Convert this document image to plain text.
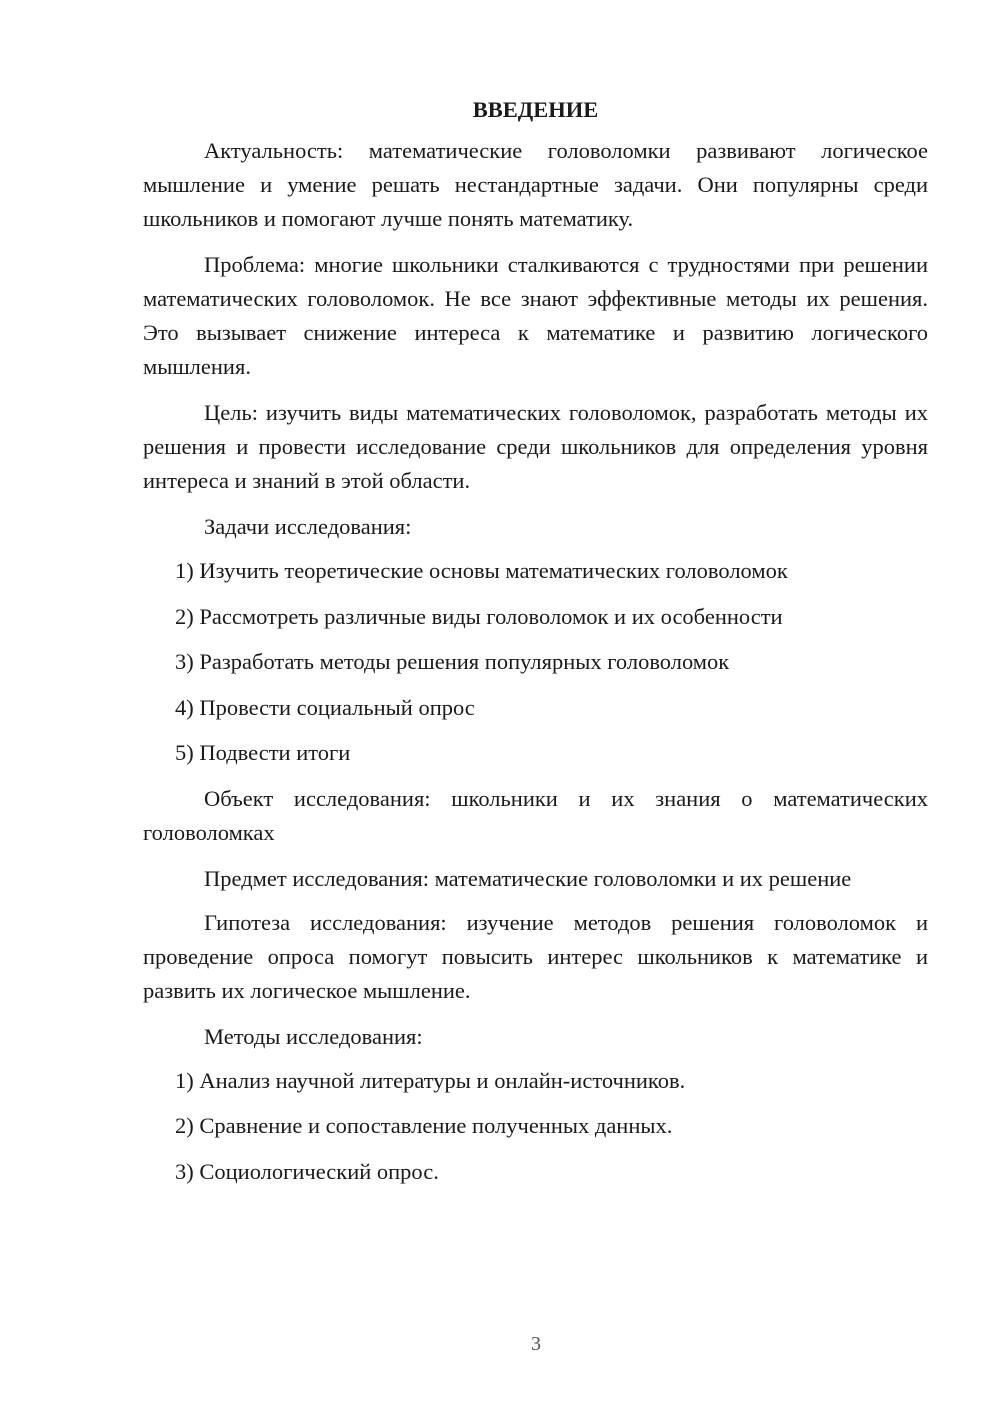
ВВЕДЕНИЕ

Актуальность: математические головоломки развивают логическое мышление и умение решать нестандартные задачи. Они популярны среди школьников и помогают лучше понять математику.

Проблема: многие школьники сталкиваются с трудностями при решении математических головоломок. Не все знают эффективные методы их решения. Это вызывает снижение интереса к математике и развитию логического мышления.

Цель: изучить виды математических головоломок, разработать методы их решения и провести исследование среди школьников для определения уровня интереса и знаний в этой области.

Задачи исследования:

1) Изучить теоретические основы математических головоломок
2) Рассмотреть различные виды головоломок и их особенности
3) Разработать методы решения популярных головоломок
4) Провести социальный опрос
5) Подвести итоги

Объект исследования: школьники и их знания о математических головоломках

Предмет исследования: математические головоломки и их решение

Гипотеза исследования: изучение методов решения головоломок и проведение опроса помогут повысить интерес школьников к математике и развить их логическое мышление.

Методы исследования:

1) Анализ научной литературы и онлайн-источников.
2) Сравнение и сопоставление полученных данных.
3) Социологический опрос.
3
